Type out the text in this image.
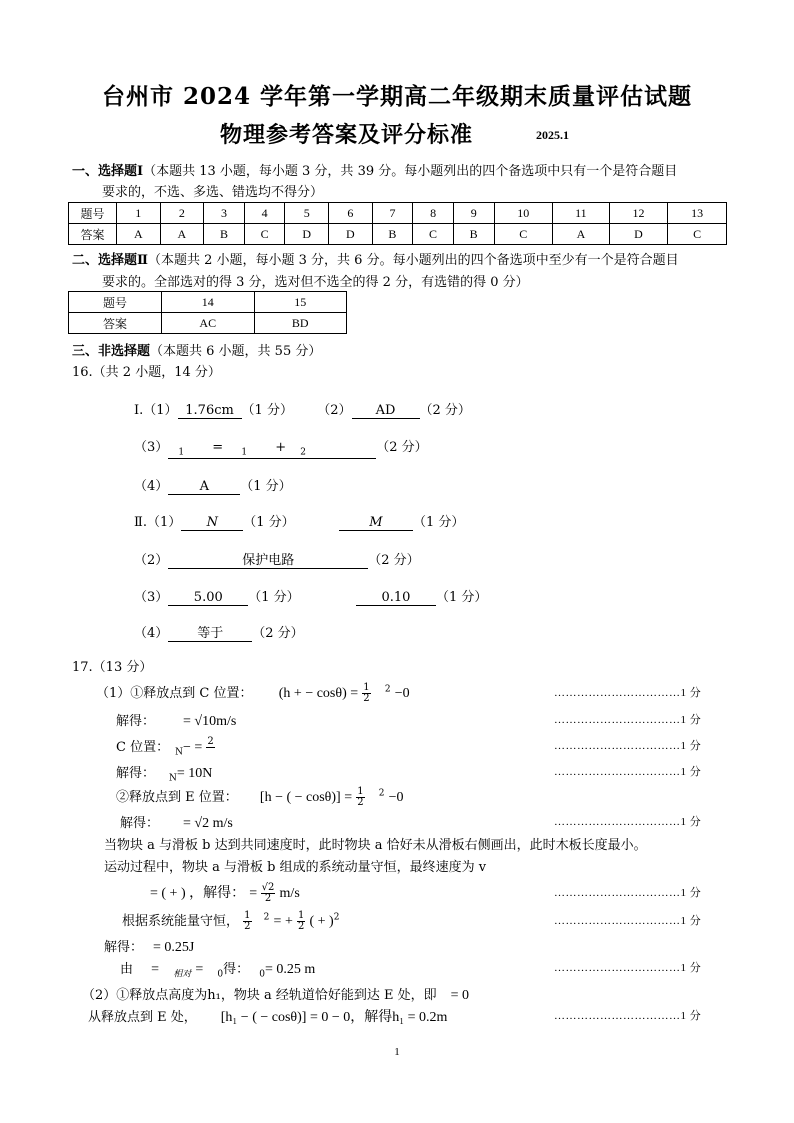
台州市 2024 学年第一学期高二年级期末质量评估试题
物理参考答案及评分标准	2025.1
一、选择题Ⅰ（本题共 13 小题，每小题 3 分，共 39 分。每小题列出的四个备选项中只有一个是符合题目
要求的，不选、多选、错选均不得分）
题号	1	2	3	4	5	6	7	8	9	10	11	12	13
答案	A	A	B	C	D	D	B	C	B	C	A	D	C
二、选择题Ⅱ（本题共 2 小题，每小题 3 分，共 6 分。每小题列出的四个备选项中至少有一个是符合题目
要求的。全部选对的得 3 分，选对但不选全的得 2 分，有选错的得 0 分）
题号	14	15
答案	AC	BD
三、非选择题（本题共 6 小题，共 55 分）
16.（共 2 小题，14 分）
Ⅰ.（1） 1.76cm （1 分） （2） AD （2 分）
（3） $_1$ = $_1$ + $_2$	（2 分）
（4） A （1 分）
Ⅱ.（1） N （1 分）	M （1 分）
（2）	保护电路	（2 分）
（3） 5.00 （1 分）	0.10 （1 分）
（4） 等于 （2 分）
17.（13 分）
（1）①释放点到 C 位置： (h + − $\cos\theta) = \frac{1}{2} ^2 -0$
解得： = √10m/s
C 位置： $_N$− = 2

解得： $_N$= 10N
②释放点到 E 位置： [h − ( − $\cos\theta)] = \frac{1}{2} ^2 -0$
解得： = √2 m/s
当物块 a 与滑板 b 达到共同速度时，此时物块 a 恰好未从滑板右侧画出，此时木板长度最小。
运动过程中，物块 a 与滑板 b 组成的系统动量守恒，最终速度为 v
= ( + ) ，解得： = $\frac{√2}{2} m/s$
根据系统能量守恒， $\frac{1}{2} ^2$ = + $\frac{1}{2}$ ( + )$^2$
解得： = 0.25J
由 = $_{相对}$ = $_0$得： $_0$= 0.25 m
（2）①释放点高度为h₁，物块 a 经轨道恰好能到达 E 处，即 = 0
从释放点到 E 处， [h₁ − ( − cosθ)] = 0 − 0，解得h₁ = 0.2m
……………………………1 分
……………………………1 分
……………………………1 分
……………………………1 分
……………………………1 分
……………………………1 分
……………………………1 分
……………………………1 分
……………………………1 分
1
